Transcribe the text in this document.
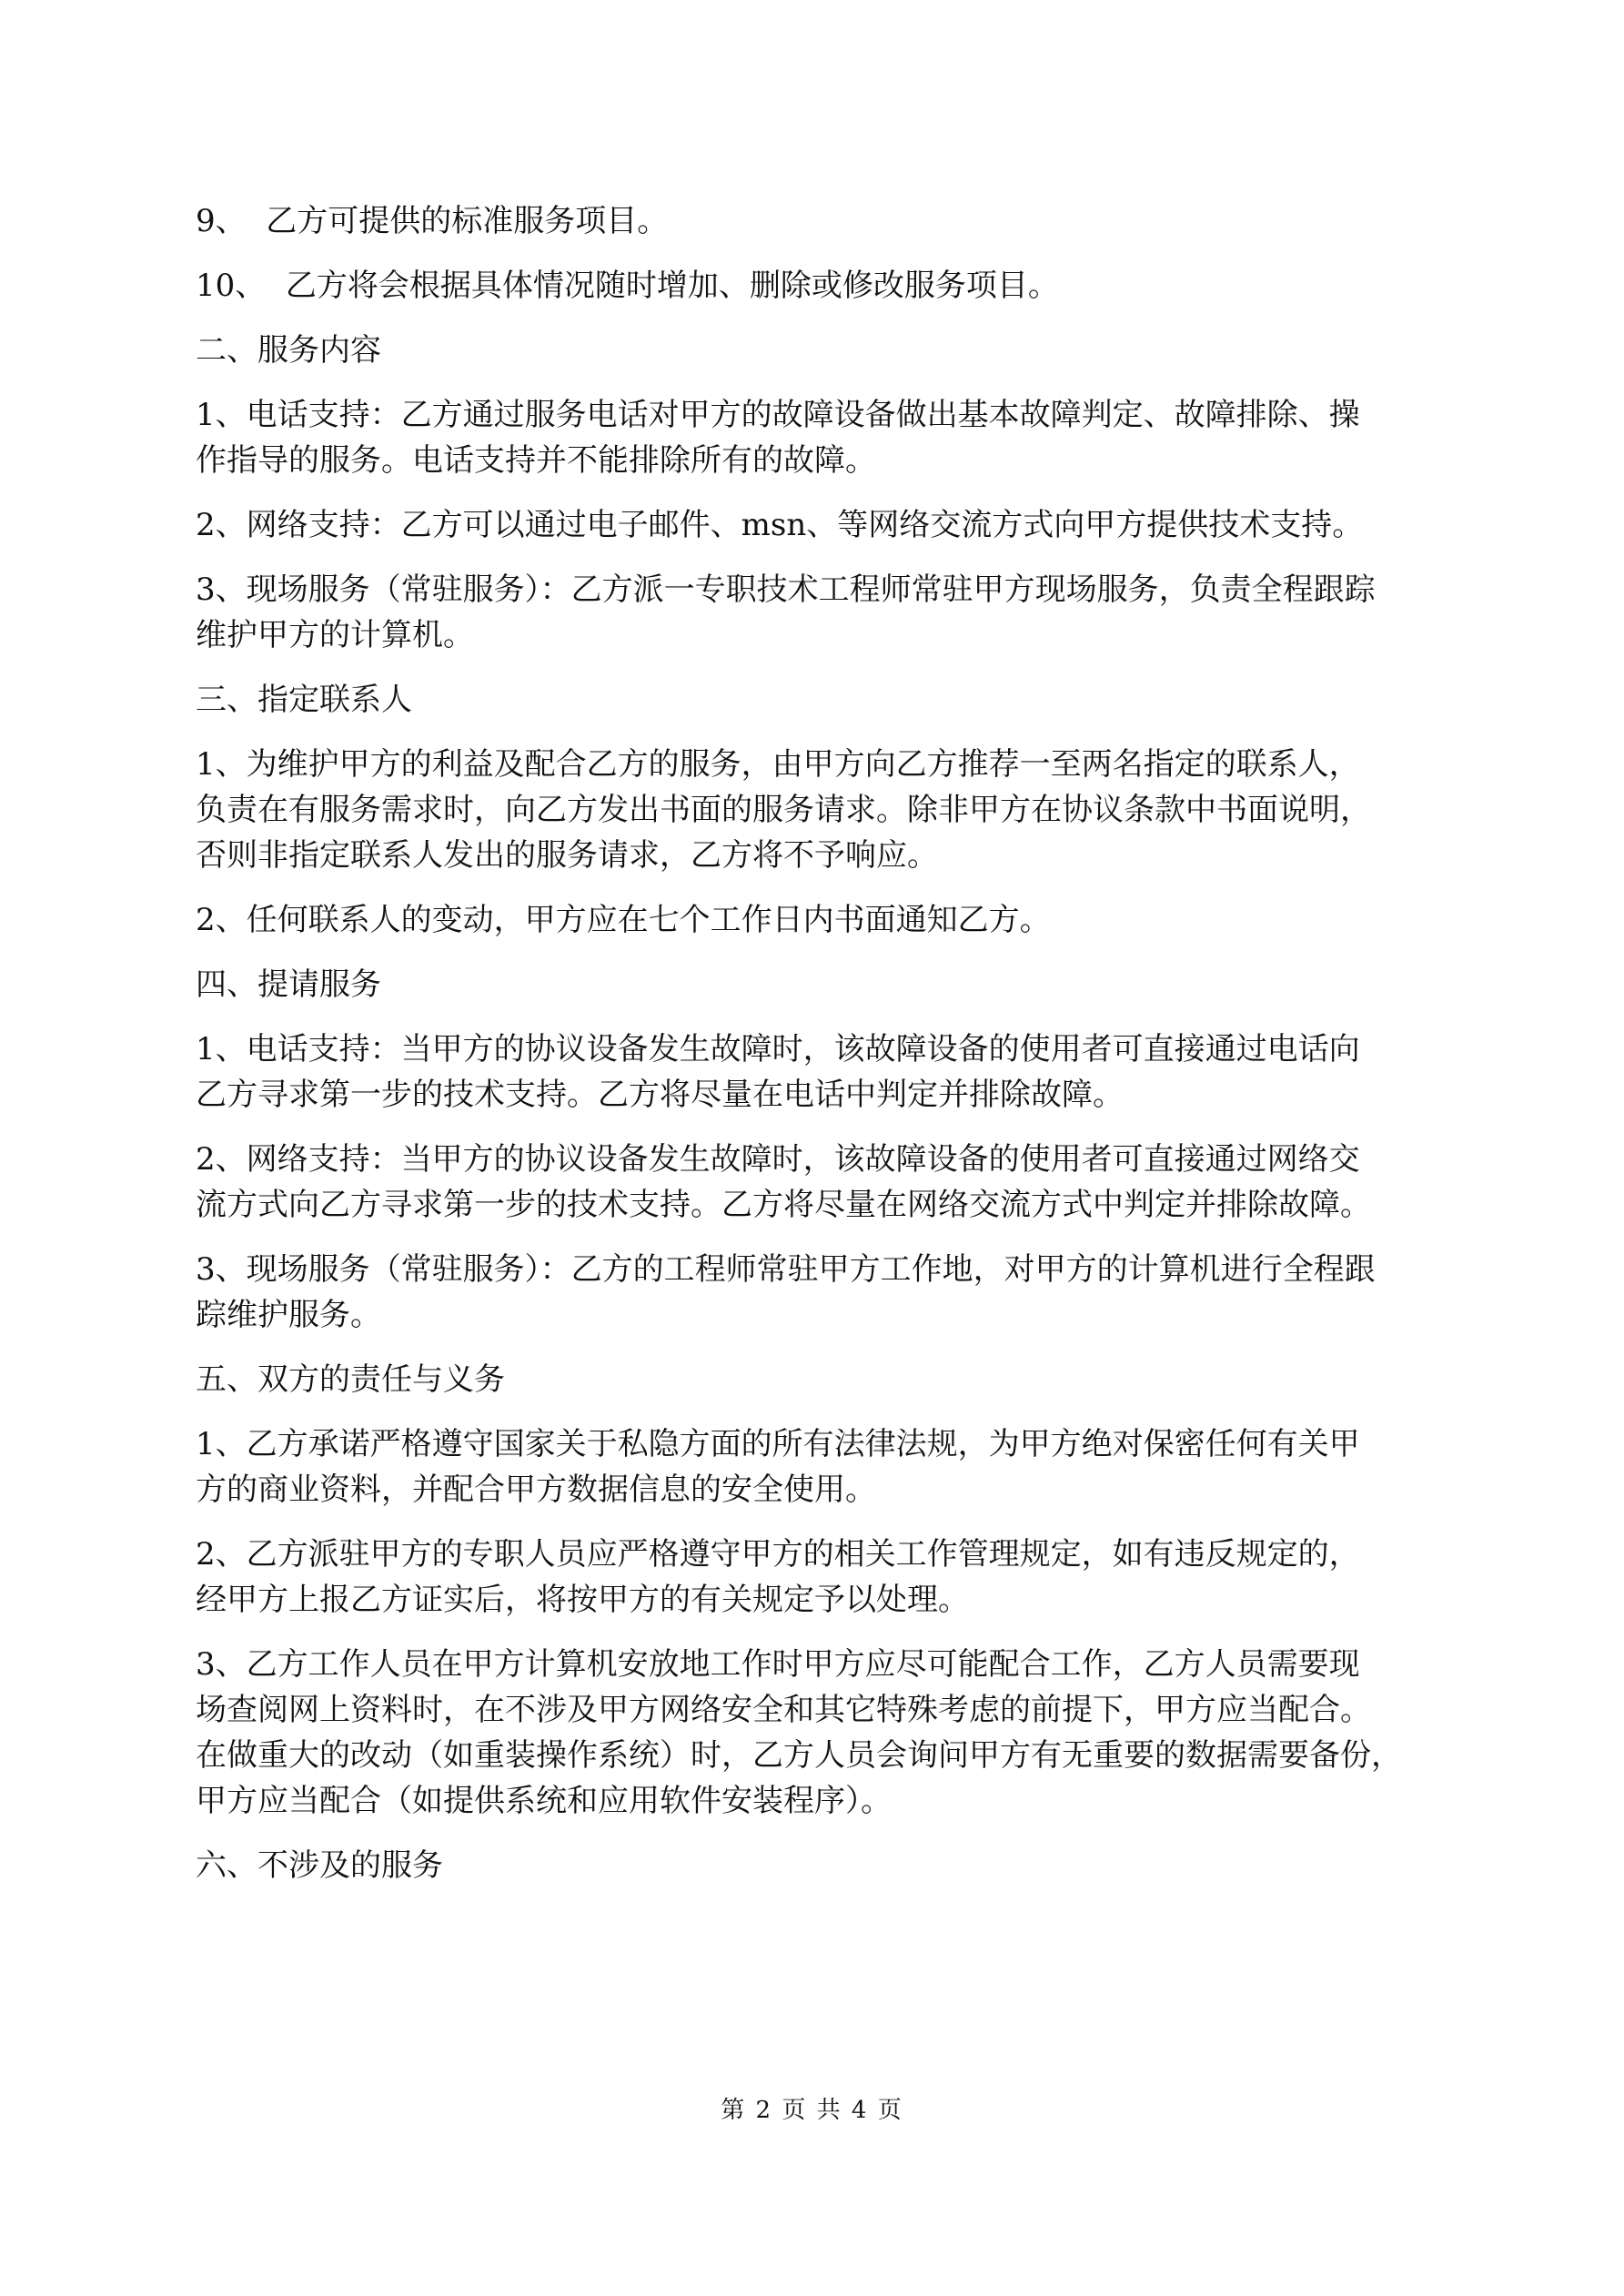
9、  乙方可提供的标准服务项目。

10、  乙方将会根据具体情况随时增加、删除或修改服务项目。

二、服务内容

1、电话支持：乙方通过服务电话对甲方的故障设备做出基本故障判定、故障排除、操

作指导的服务。电话支持并不能排除所有的故障。

2、网络支持：乙方可以通过电子邮件、msn、等网络交流方式向甲方提供技术支持。

3、现场服务（常驻服务）：乙方派一专职技术工程师常驻甲方现场服务，负责全程跟踪

维护甲方的计算机。

三、指定联系人

1、为维护甲方的利益及配合乙方的服务，由甲方向乙方推荐一至两名指定的联系人，

负责在有服务需求时，向乙方发出书面的服务请求。除非甲方在协议条款中书面说明，

否则非指定联系人发出的服务请求，乙方将不予响应。

2、任何联系人的变动，甲方应在七个工作日内书面通知乙方。

四、提请服务

1、电话支持：当甲方的协议设备发生故障时，该故障设备的使用者可直接通过电话向

乙方寻求第一步的技术支持。乙方将尽量在电话中判定并排除故障。

2、网络支持：当甲方的协议设备发生故障时，该故障设备的使用者可直接通过网络交

流方式向乙方寻求第一步的技术支持。乙方将尽量在网络交流方式中判定并排除故障。

3、现场服务（常驻服务）：乙方的工程师常驻甲方工作地，对甲方的计算机进行全程跟

踪维护服务。

五、双方的责任与义务

1、乙方承诺严格遵守国家关于私隐方面的所有法律法规，为甲方绝对保密任何有关甲

方的商业资料，并配合甲方数据信息的安全使用。

2、乙方派驻甲方的专职人员应严格遵守甲方的相关工作管理规定，如有违反规定的，

经甲方上报乙方证实后，将按甲方的有关规定予以处理。

3、乙方工作人员在甲方计算机安放地工作时甲方应尽可能配合工作，乙方人员需要现

场查阅网上资料时，在不涉及甲方网络安全和其它特殊考虑的前提下，甲方应当配合。

在做重大的改动（如重装操作系统）时，乙方人员会询问甲方有无重要的数据需要备份，

甲方应当配合（如提供系统和应用软件安装程序）。

六、不涉及的服务

第 2 页 共 4 页
